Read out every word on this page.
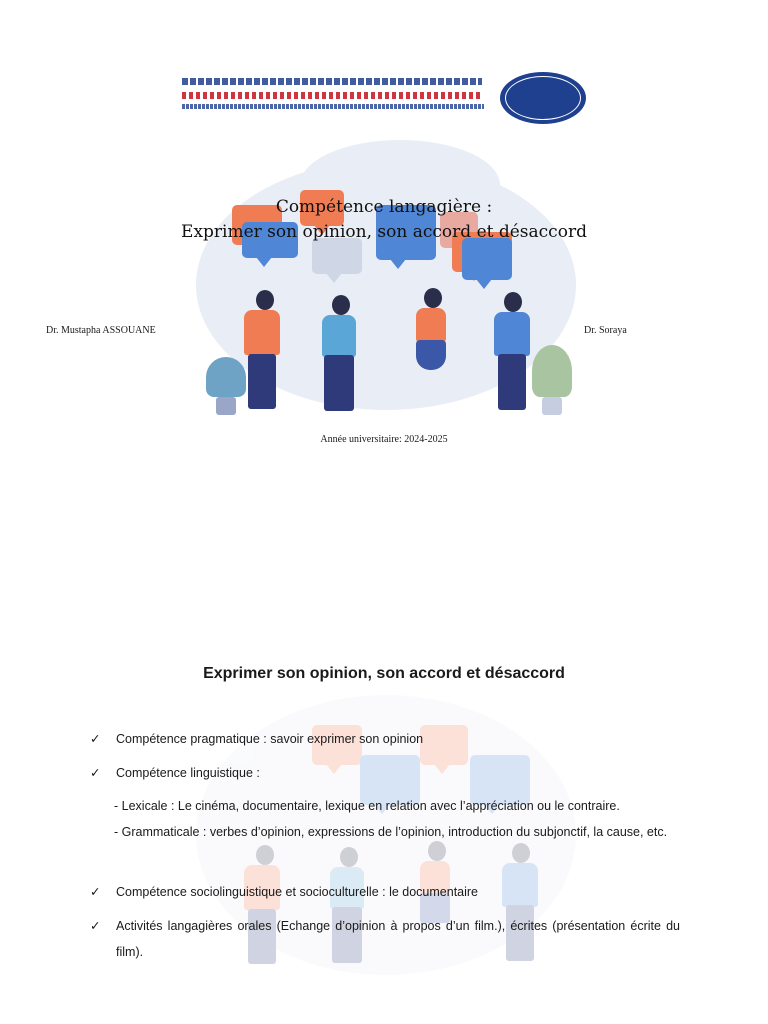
Compétence langagière :
Exprimer son opinion, son accord et désaccord
Dr. Mustapha ASSOUANE	Dr. Soraya
Année universitaire: 2024-2025
Exprimer son opinion, son accord et désaccord
✓ Compétence pragmatique : savoir exprimer son opinion
✓ Compétence linguistique :
- Lexicale : Le cinéma, documentaire, lexique en relation avec l’appréciation ou le contraire.
- Grammaticale : verbes d’opinion, expressions de l’opinion, introduction du subjonctif, la cause, etc.
✓ Compétence sociolinguistique et socioculturelle : le documentaire
✓ Activités langagières orales (Echange d’opinion à propos d’un film.), écrites (présentation écrite du film).
